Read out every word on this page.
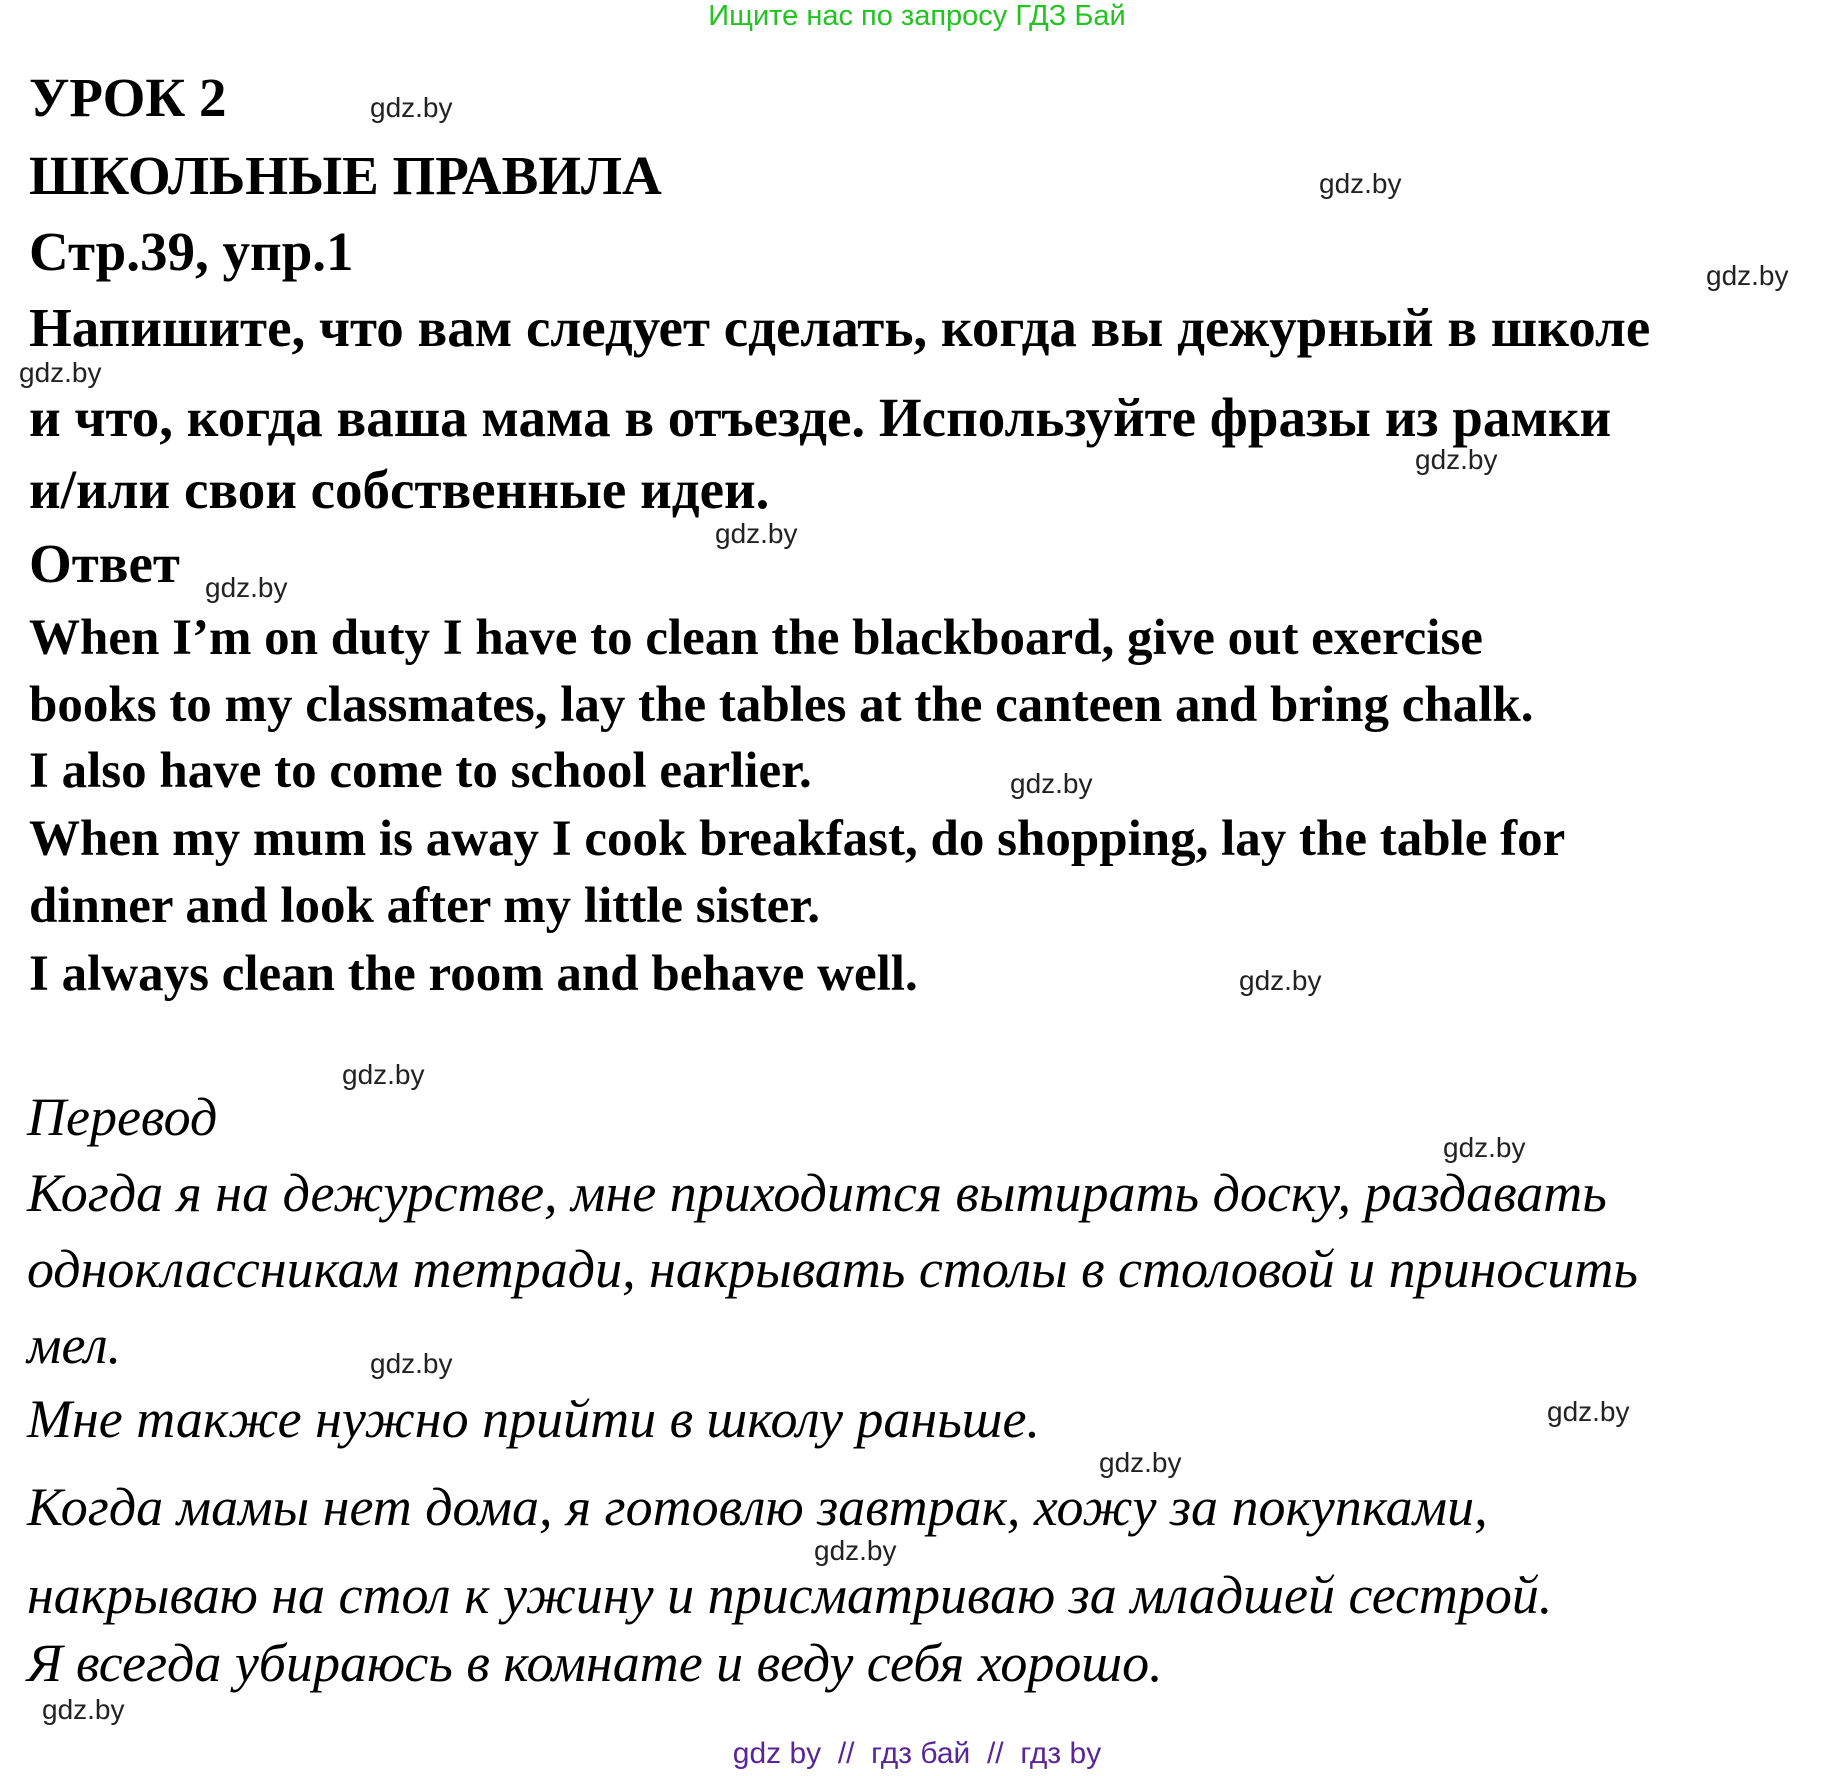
Ищите нас по запросу ГДЗ Бай
УРОК 2
ШКОЛЬНЫЕ ПРАВИЛА
Стр.39, упр.1
Напишите, что вам следует сделать, когда вы дежурный в школе
и что, когда ваша мама в отъезде. Используйте фразы из рамки
и/или свои собственные идеи.
Ответ
When I’m on duty I have to clean the blackboard, give out exercise
books to my classmates, lay the tables at the canteen and bring chalk.
I also have to come to school earlier.
When my mum is away I cook breakfast, do shopping, lay the table for
dinner and look after my little sister.
I always clean the room and behave well.
Перевод
Когда я на дежурстве, мне приходится вытирать доску, раздавать
одноклассникам тетради, накрывать столы в столовой и приносить
мел.
Мне также нужно прийти в школу раньше.
Когда мамы нет дома, я готовлю завтрак, хожу за покупками,
накрываю на стол к ужину и присматриваю за младшей сестрой.
Я всегда убираюсь в комнате и веду себя хорошо.
gdz.by
gdz.by
gdz.by
gdz.by
gdz.by
gdz.by
gdz.by
gdz.by
gdz.by
gdz.by
gdz.by
gdz.by
gdz.by
gdz.by
gdz.by
gdz.by
gdz by  //  гдз бай  //  гдз by
